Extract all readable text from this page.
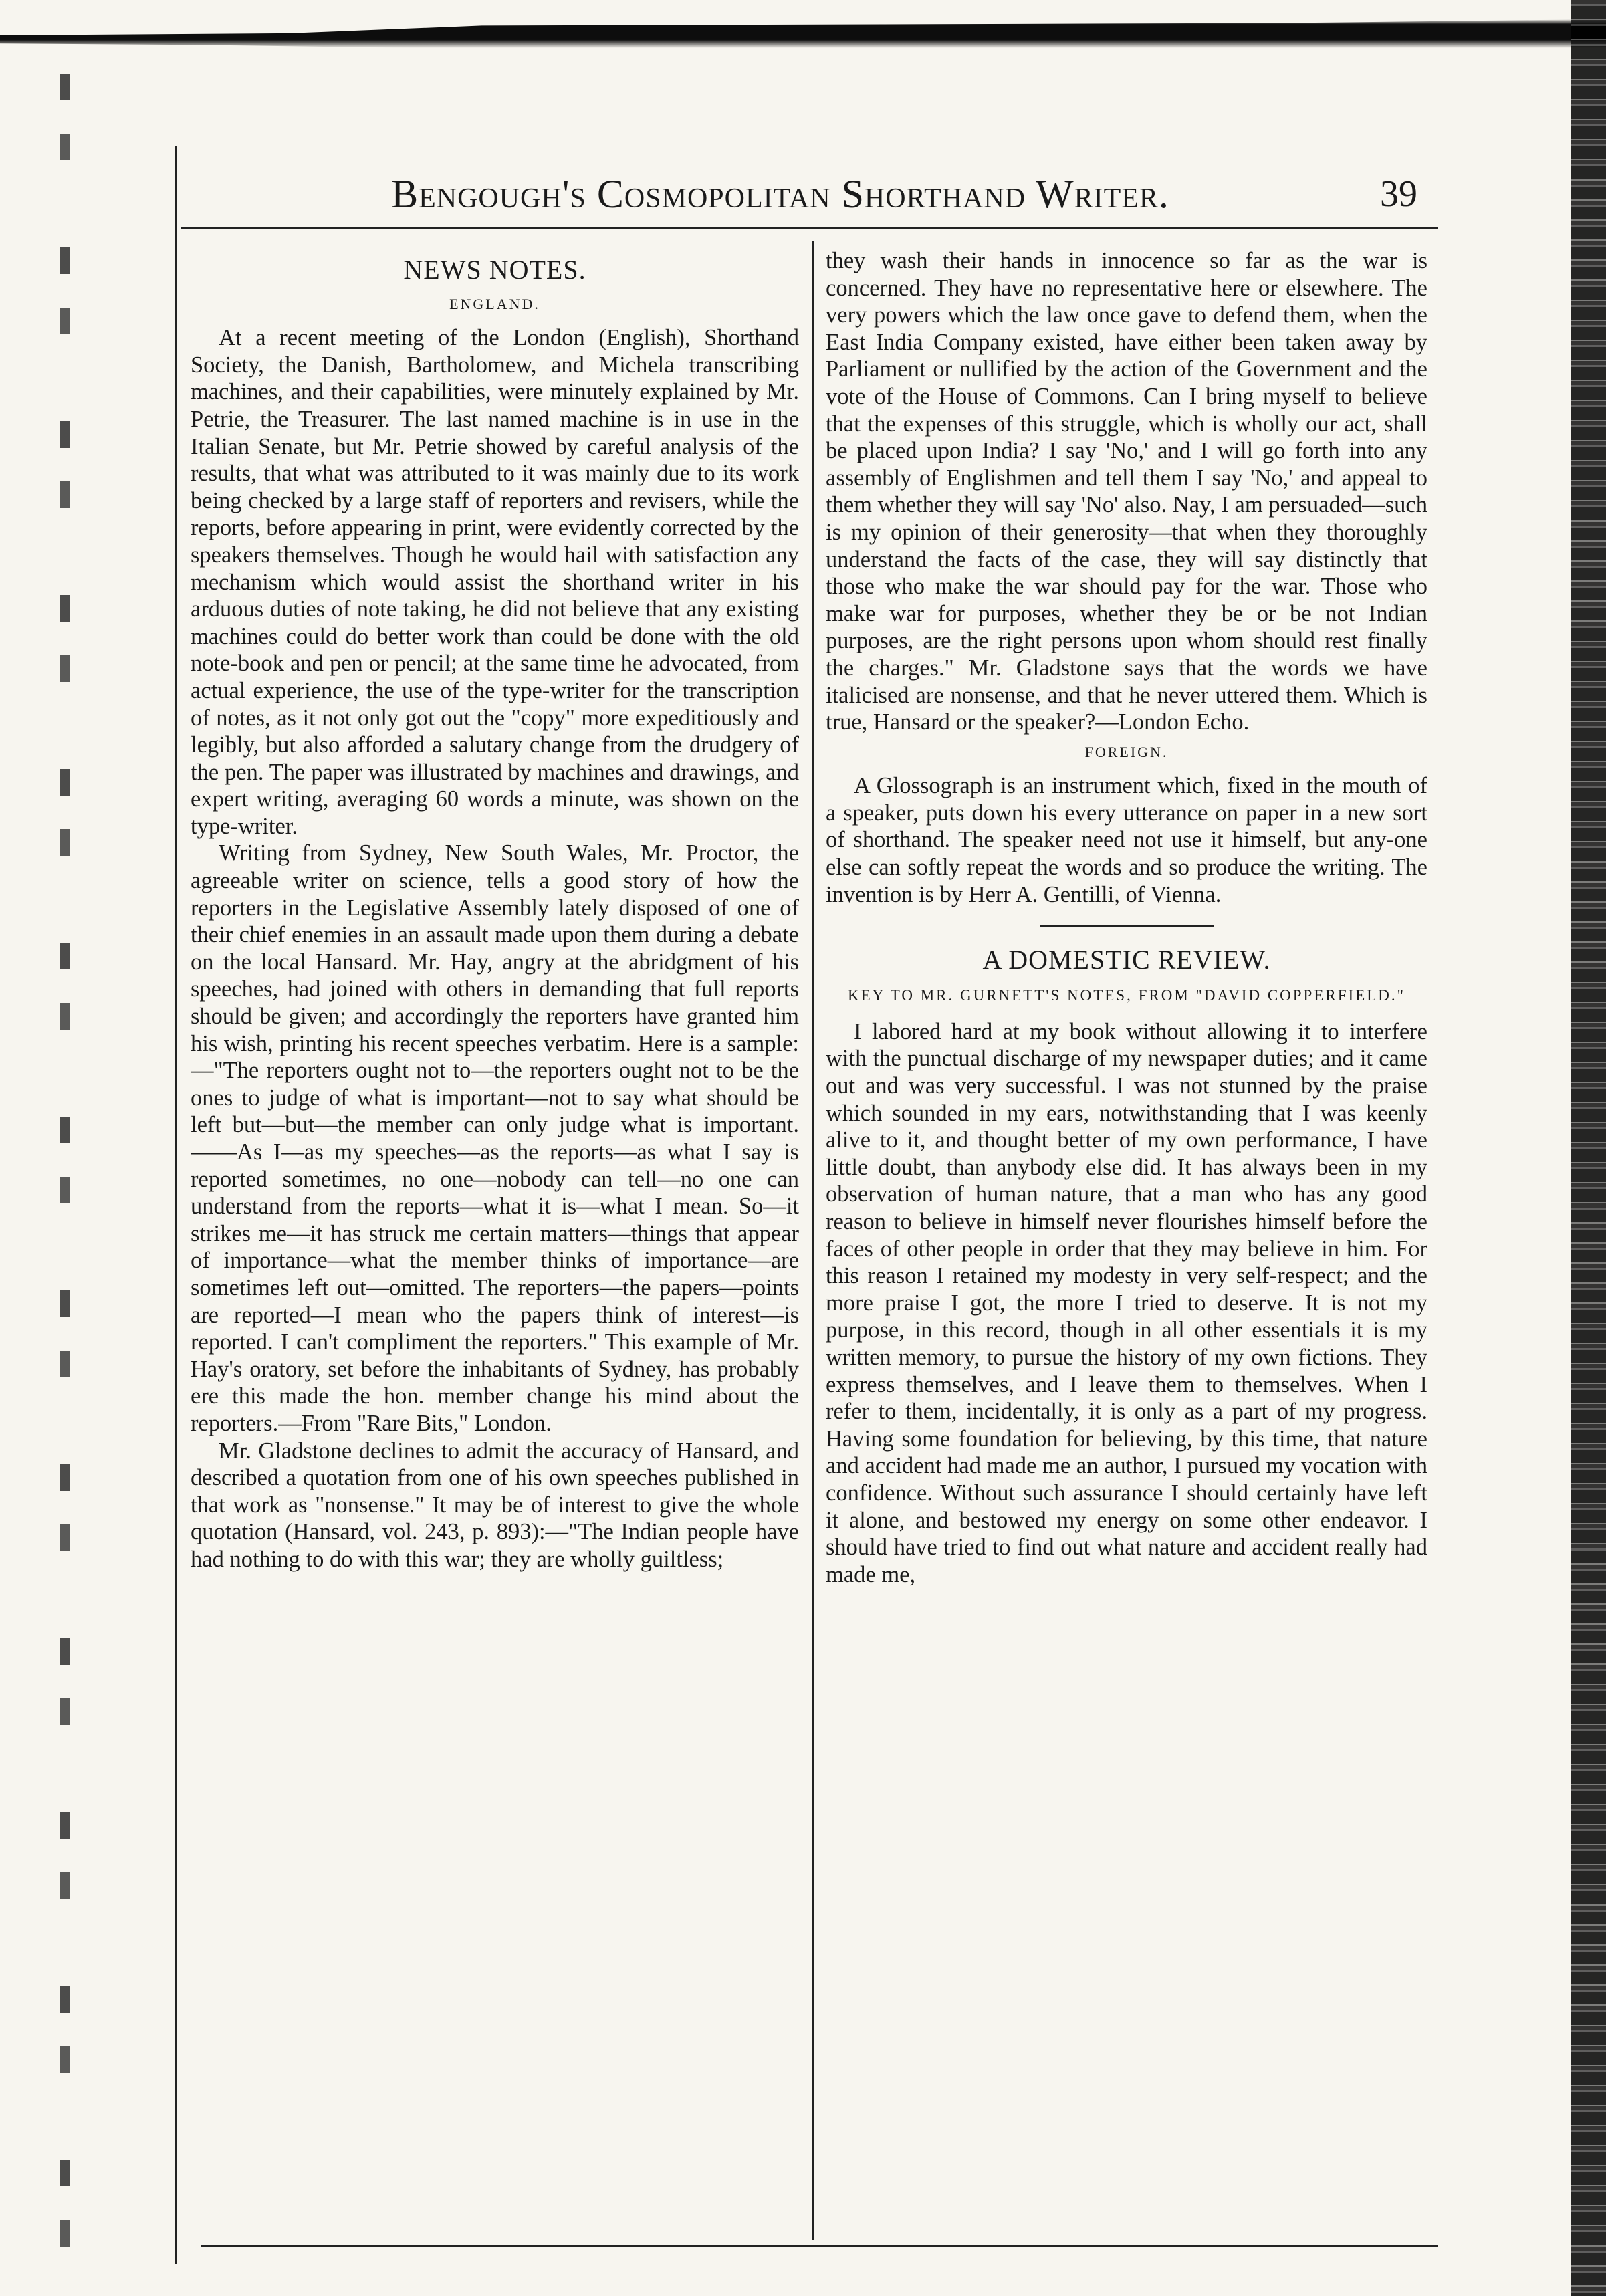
Bengough's Cosmopolitan Shorthand Writer.	39
NEWS NOTES.
ENGLAND.

At a recent meeting of the London (English), Shorthand Society, the Danish, Bartholomew, and Michela transcribing machines, and their capabilities, were minutely explained by Mr. Petrie, the Treasurer. The last named machine is in use in the Italian Senate, but Mr. Petrie showed by careful analysis of the results, that what was attributed to it was mainly due to its work being checked by a large staff of reporters and revisers, while the reports, before appearing in print, were evidently corrected by the speakers themselves. Though he would hail with satisfaction any mechanism which would assist the shorthand writer in his arduous duties of note taking, he did not believe that any existing machines could do better work than could be done with the old note-book and pen or pencil; at the same time he advocated, from actual experience, the use of the type-writer for the transcription of notes, as it not only got out the "copy" more expeditiously and legibly, but also afforded a salutary change from the drudgery of the pen. The paper was illustrated by machines and drawings, and expert writing, averaging 60 words a minute, was shown on the type-writer.

Writing from Sydney, New South Wales, Mr. Proctor, the agreeable writer on science, tells a good story of how the reporters in the Legislative Assembly lately disposed of one of their chief enemies in an assault made upon them during a debate on the local Hansard. Mr. Hay, angry at the abridgment of his speeches, had joined with others in demanding that full reports should be given; and accordingly the reporters have granted him his wish, printing his recent speeches verbatim. Here is a sample:—"The reporters ought not to—the reporters ought not to be the ones to judge of what is important—not to say what should be left but—but—the member can only judge what is important.——As I—as my speeches—as the reports—as what I say is reported sometimes, no one—nobody can tell—no one can understand from the reports—what it is—what I mean. So—it strikes me—it has struck me certain matters—things that appear of importance—what the member thinks of importance—are sometimes left out—omitted. The reporters—the papers—points are reported—I mean who the papers think of interest—is reported. I can't compliment the reporters." This example of Mr. Hay's oratory, set before the inhabitants of Sydney, has probably ere this made the hon. member change his mind about the reporters.—From "Rare Bits," London.

Mr. Gladstone declines to admit the accuracy of Hansard, and described a quotation from one of his own speeches published in that work as "nonsense." It may be of interest to give the whole quotation (Hansard, vol. 243, p. 893):—"The Indian people have had nothing to do with this war; they are wholly guiltless;

they wash their hands in innocence so far as the war is concerned. They have no representative here or elsewhere. The very powers which the law once gave to defend them, when the East India Company existed, have either been taken away by Parliament or nullified by the action of the Government and the vote of the House of Commons. Can I bring myself to believe that the expenses of this struggle, which is wholly our act, shall be placed upon India? I say 'No,' and I will go forth into any assembly of Englishmen and tell them I say 'No,' and appeal to them whether they will say 'No' also. Nay, I am persuaded—such is my opinion of their generosity—that when they thoroughly understand the facts of the case, they will say distinctly that those who make the war should pay for the war. Those who make war for purposes, whether they be or be not Indian purposes, are the right persons upon whom should rest finally the charges." Mr. Gladstone says that the words we have italicised are nonsense, and that he never uttered them. Which is true, Hansard or the speaker?—London Echo.

FOREIGN.

A Glossograph is an instrument which, fixed in the mouth of a speaker, puts down his every utterance on paper in a new sort of shorthand. The speaker need not use it himself, but any-one else can softly repeat the words and so produce the writing. The invention is by Herr A. Gentilli, of Vienna.

A DOMESTIC REVIEW.
KEY TO MR. GURNETT'S NOTES, FROM "DAVID COPPERFIELD."

I labored hard at my book without allowing it to interfere with the punctual discharge of my newspaper duties; and it came out and was very successful. I was not stunned by the praise which sounded in my ears, notwithstanding that I was keenly alive to it, and thought better of my own performance, I have little doubt, than anybody else did. It has always been in my observation of human nature, that a man who has any good reason to believe in himself never flourishes himself before the faces of other people in order that they may believe in him. For this reason I retained my modesty in very self-respect; and the more praise I got, the more I tried to deserve. It is not my purpose, in this record, though in all other essentials it is my written memory, to pursue the history of my own fictions. They express themselves, and I leave them to themselves. When I refer to them, incidentally, it is only as a part of my progress. Having some foundation for believing, by this time, that nature and accident had made me an author, I pursued my vocation with confidence. Without such assurance I should certainly have left it alone, and bestowed my energy on some other endeavor. I should have tried to find out what nature and accident really had made me,
